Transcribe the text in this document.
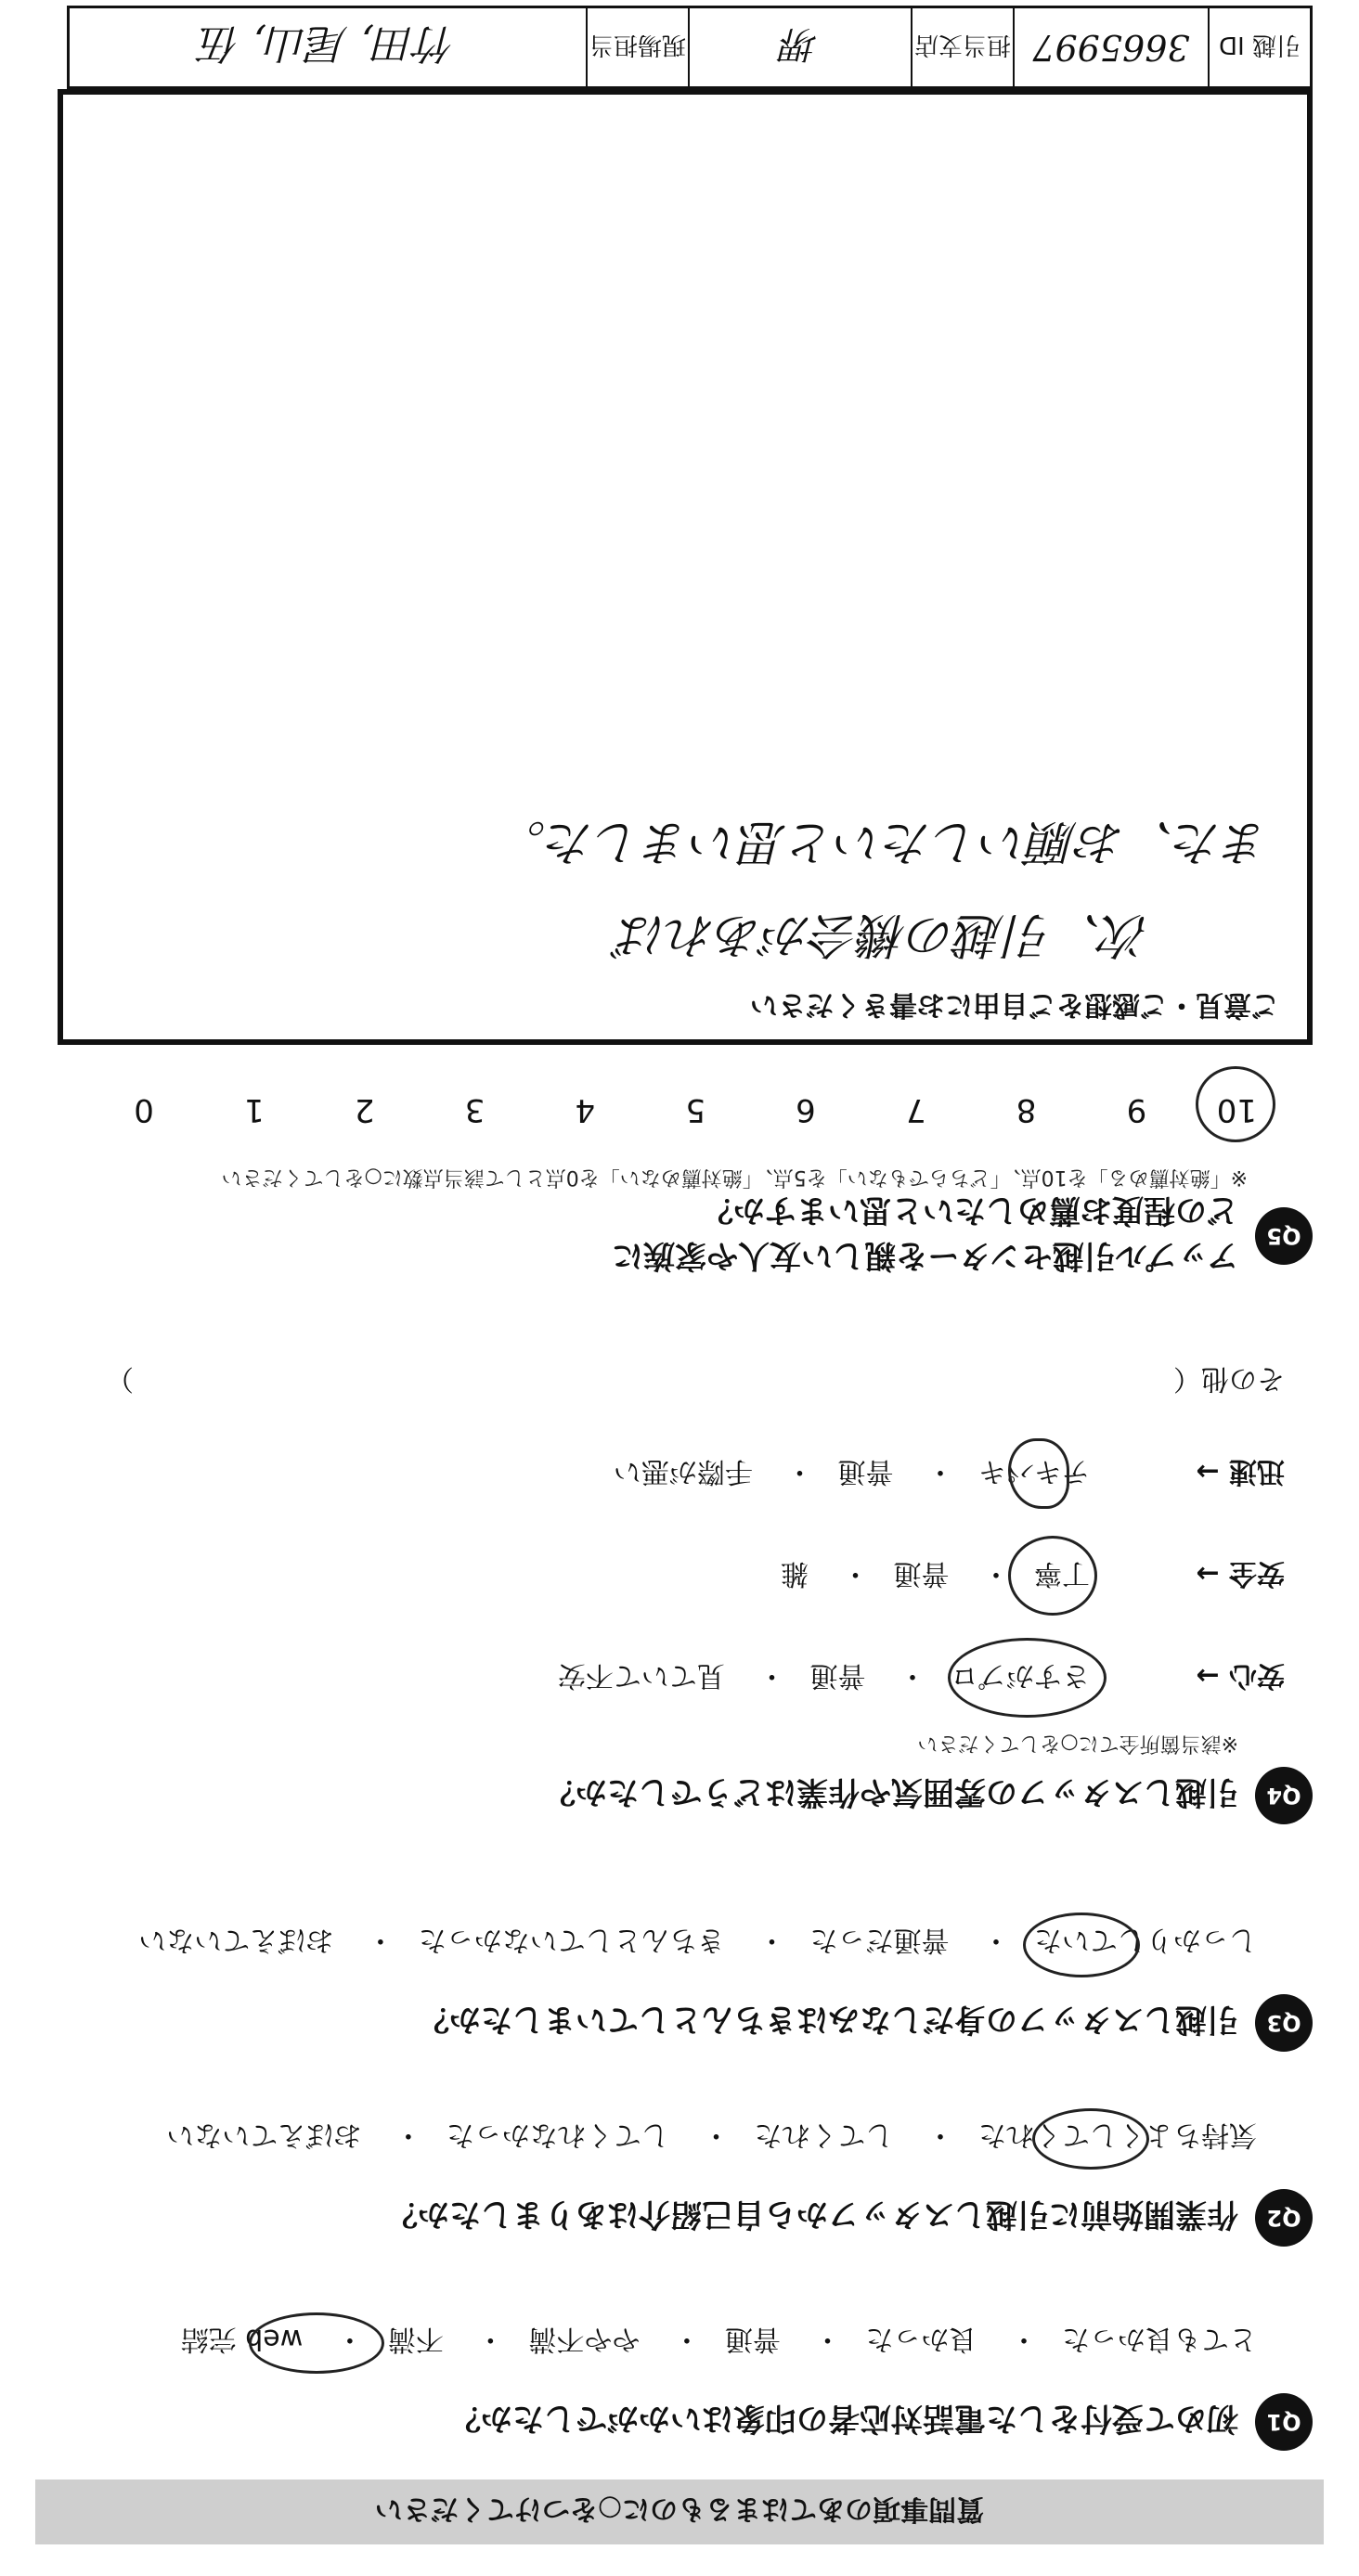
質問事項のあてはまるものに○をつけてください
Q1
初めて受付をした電話対応者の印象はいかがでしたか？
とても良かった・ 良かった・ 普通・ やや不満・ 不満・ web 完結
Q2
作業開始前に引越しスタッフから自己紹介はありましたか？
気持ちよくしてくれた・ してくれた・ してくれなかった・ おぼえていない
Q3
引越しスタッフの身だしなみはきちんとしていましたか？
しっかりしていた・ 普通だった・ きちんとしていなかった・ おぼえていない
Q4
引越しスタッフの雰囲気や作業はどうでしたか？
※該当箇所全てに○をしてください
安心 →
さすがプロ・ 普通・ 見ていて不安
安全 →
丁寧・ 普通・ 雑
迅速 →
テキパキ・ 普通・ 手際が悪い
その他（
）
Q5
アップル引越センターを親しい友人や家族に
どの程度お薦めしたいと思いますか？
※「絶対薦める」を10点、「どちらでもない」を5点、「絶対薦めない」を0点として該当点数に○をしてください
10 9 8 7 6 5 4 3 2 1 0
ご意見・ご感想をご自由にお書きください
次、引越の機会があれば
また、お願いしたいと思いました。
引越 ID
3665997
担当支店
堺
現場担当
竹田, 尾山, 伍
